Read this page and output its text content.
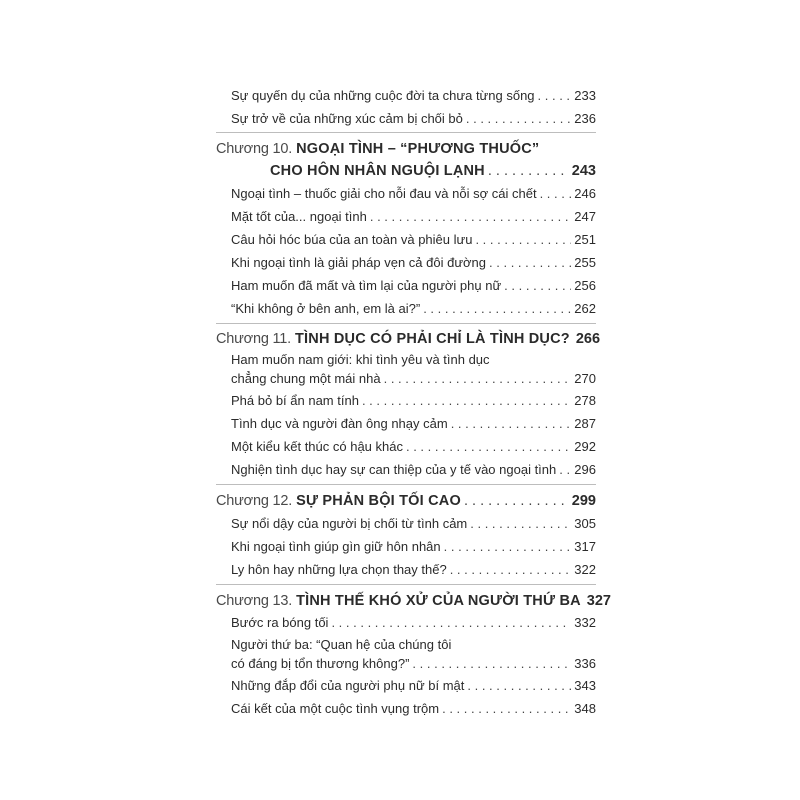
Sự quyến dụ của những cuộc đời ta chưa từng sống . . .	233
Sự trở về của những xúc cảm bị chối bỏ . . .	236
Chương 10. NGOẠI TÌNH – “PHƯƠNG THUỐC”
CHO HÔN NHÂN NGUỘI LẠNH . . .	243
Ngoại tình – thuốc giải cho nỗi đau và nỗi sợ cái chết . . .	246
Mặt tốt của... ngoại tình . . .	247
Câu hỏi hóc búa của an toàn và phiêu lưu . . .	251
Khi ngoại tình là giải pháp vẹn cả đôi đường . . .	255
Ham muốn đã mất và tìm lại của người phụ nữ . . .	256
“Khi không ở bên anh, em là ai?” . . .	262
Chương 11. TÌNH DỤC CÓ PHẢI CHỈ LÀ TÌNH DỤC? 266
Ham muốn nam giới: khi tình yêu và tình dục
chẳng chung một mái nhà . . .	270
Phá bỏ bí ẩn nam tính . . .	278
Tình dục và người đàn ông nhạy cảm . . .	287
Một kiểu kết thúc có hậu khác . . .	292
Nghiện tình dục hay sự can thiệp của y tế vào ngoại tình . . . 296
Chương 12. SỰ PHẢN BỘI TỐI CAO . . .	299
Sự nổi dậy của người bị chối từ tình cảm . . .	305
Khi ngoại tình giúp gìn giữ hôn nhân . . .	317
Ly hôn hay những lựa chọn thay thế? . . .	322
Chương 13. TÌNH THẾ KHÓ XỬ CỦA NGƯỜI THỨ BA 327
Bước ra bóng tối . . .	332
Người thứ ba: “Quan hệ của chúng tôi
có đáng bị tổn thương không?” . . .	336
Những đắp đổi của người phụ nữ bí mật . . .	343
Cái kết của một cuộc tình vụng trộm . . .	348
